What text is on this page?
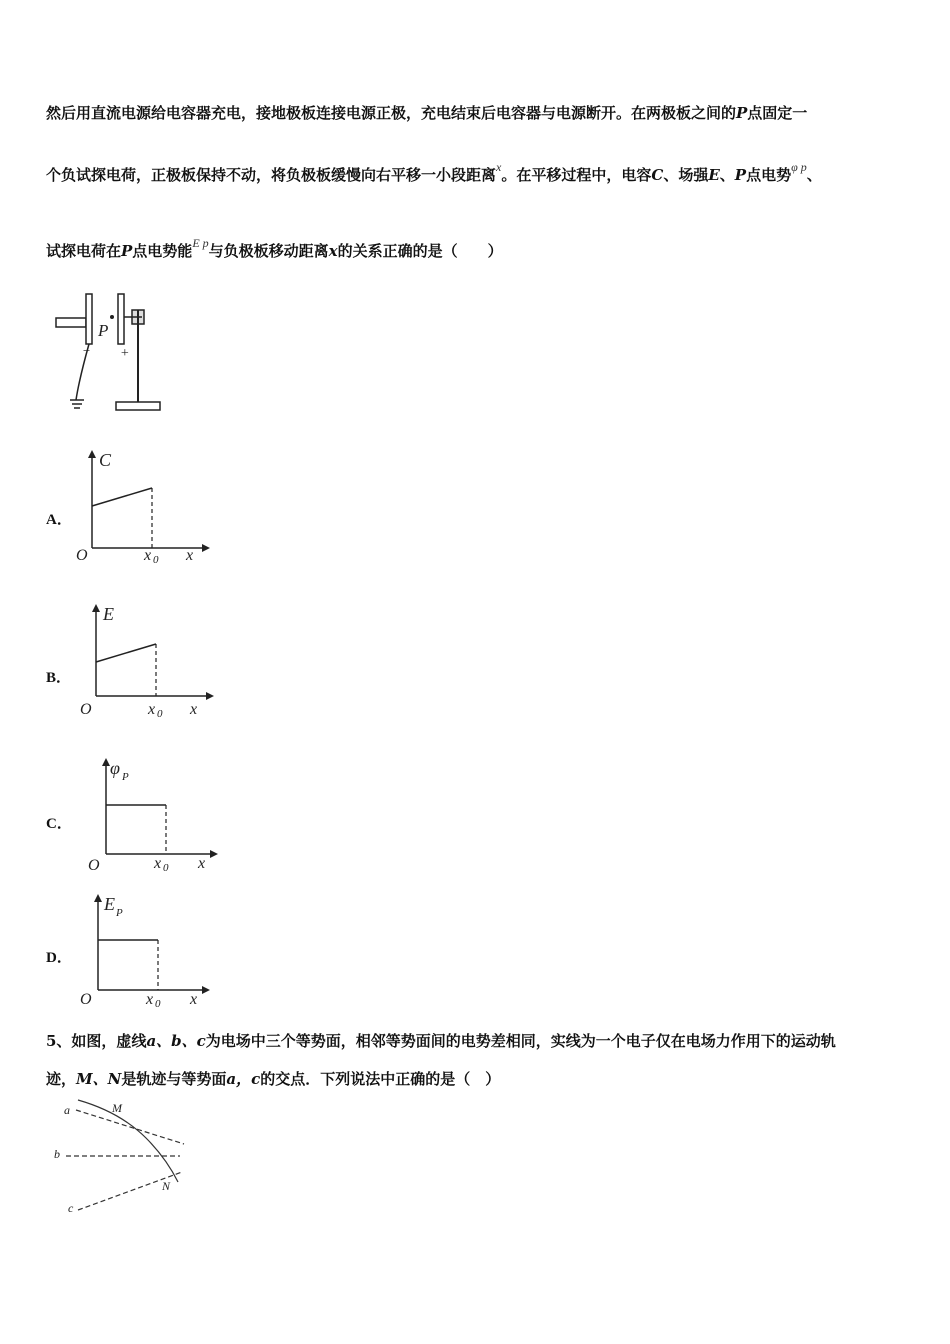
然后用直流电源给电容器充电，接地极板连接电源正极，充电结束后电容器与电源断开。在两极板之间的P点固定一
个负试探电荷，正极板保持不动，将负极板缓慢向右平移一小段距离$^x$。在平移过程中，电容C、场强E、P点电势$^{\varphi p}$、
试探电荷在P点电势能$^{E p}$与负极板移动距离x的关系正确的是（　　）
P
− +
A．
C
O	x 0 x
B．
E
O	x 0 x
C．
φ P
O	x 0 x
D．
E P
O	x 0 x
5、如图，虚线a、b、c为电场中三个等势面，相邻等势面间的电势差相同，实线为一个电子仅在电场力作用下的运动轨
迹，M、N是轨迹与等势面a，c的交点．下列说法中正确的是（　）
a
b
c
M
N
